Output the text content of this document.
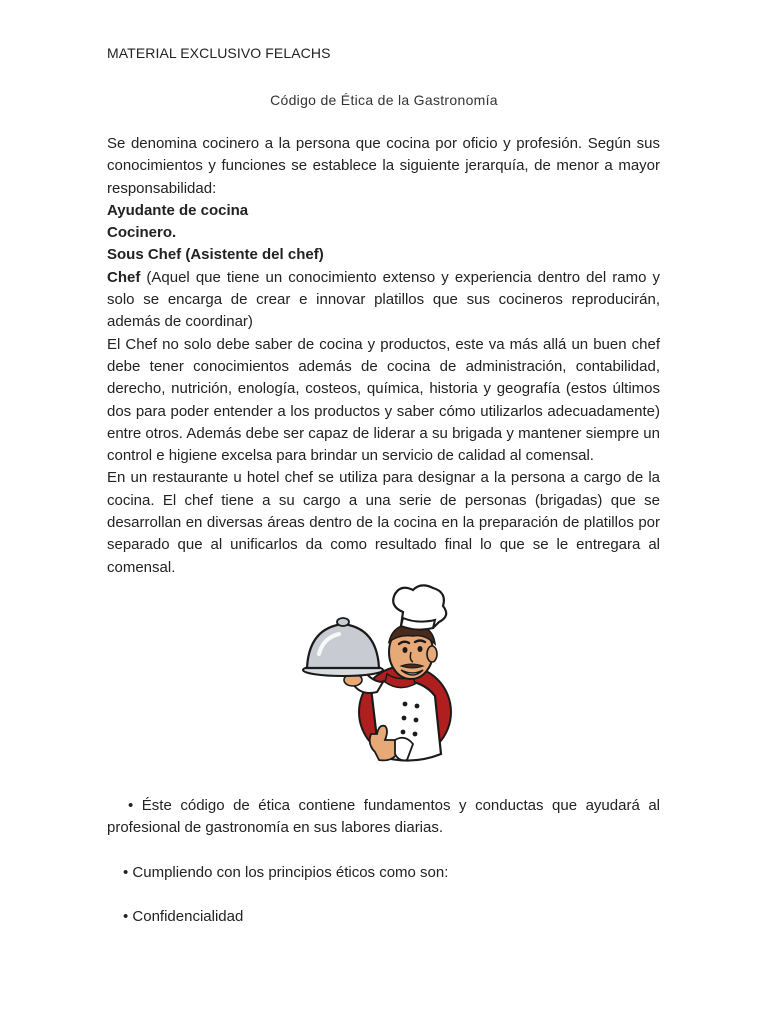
MATERIAL EXCLUSIVO FELACHS
Código de Ética de la Gastronomía

Se denomina cocinero a la persona que cocina por oficio y profesión. Según sus conocimientos y funciones se establece la siguiente jerarquía, de menor a mayor responsabilidad:

Ayudante de cocina

Cocinero.

Sous Chef (Asistente del chef)

Chef (Aquel que tiene un conocimiento extenso y experiencia dentro del ramo y solo se encarga de crear e innovar platillos que sus cocineros reproducirán, además de coordinar)

El Chef no solo debe saber de cocina y productos, este va más allá un buen chef debe tener conocimientos además de cocina de administración, contabilidad, derecho, nutrición, enología, costeos, química, historia y geografía (estos últimos dos para poder entender a los productos y saber cómo utilizarlos adecuadamente) entre otros. Además debe ser capaz de liderar a su brigada y mantener siempre un control e higiene excelsa para brindar un servicio de calidad al comensal.

En un restaurante u hotel chef se utiliza para designar a la persona a cargo de la cocina. El chef tiene a su cargo a una serie de personas (brigadas) que se desarrollan en diversas áreas dentro de la cocina en la preparación de platillos por separado que al unificarlos da como resultado final lo que se le entregara al comensal.

• Éste código de ética contiene fundamentos y conductas que ayudará al profesional de gastronomía en sus labores diarias.

• Cumpliendo con los principios éticos como son:

• Confidencialidad
